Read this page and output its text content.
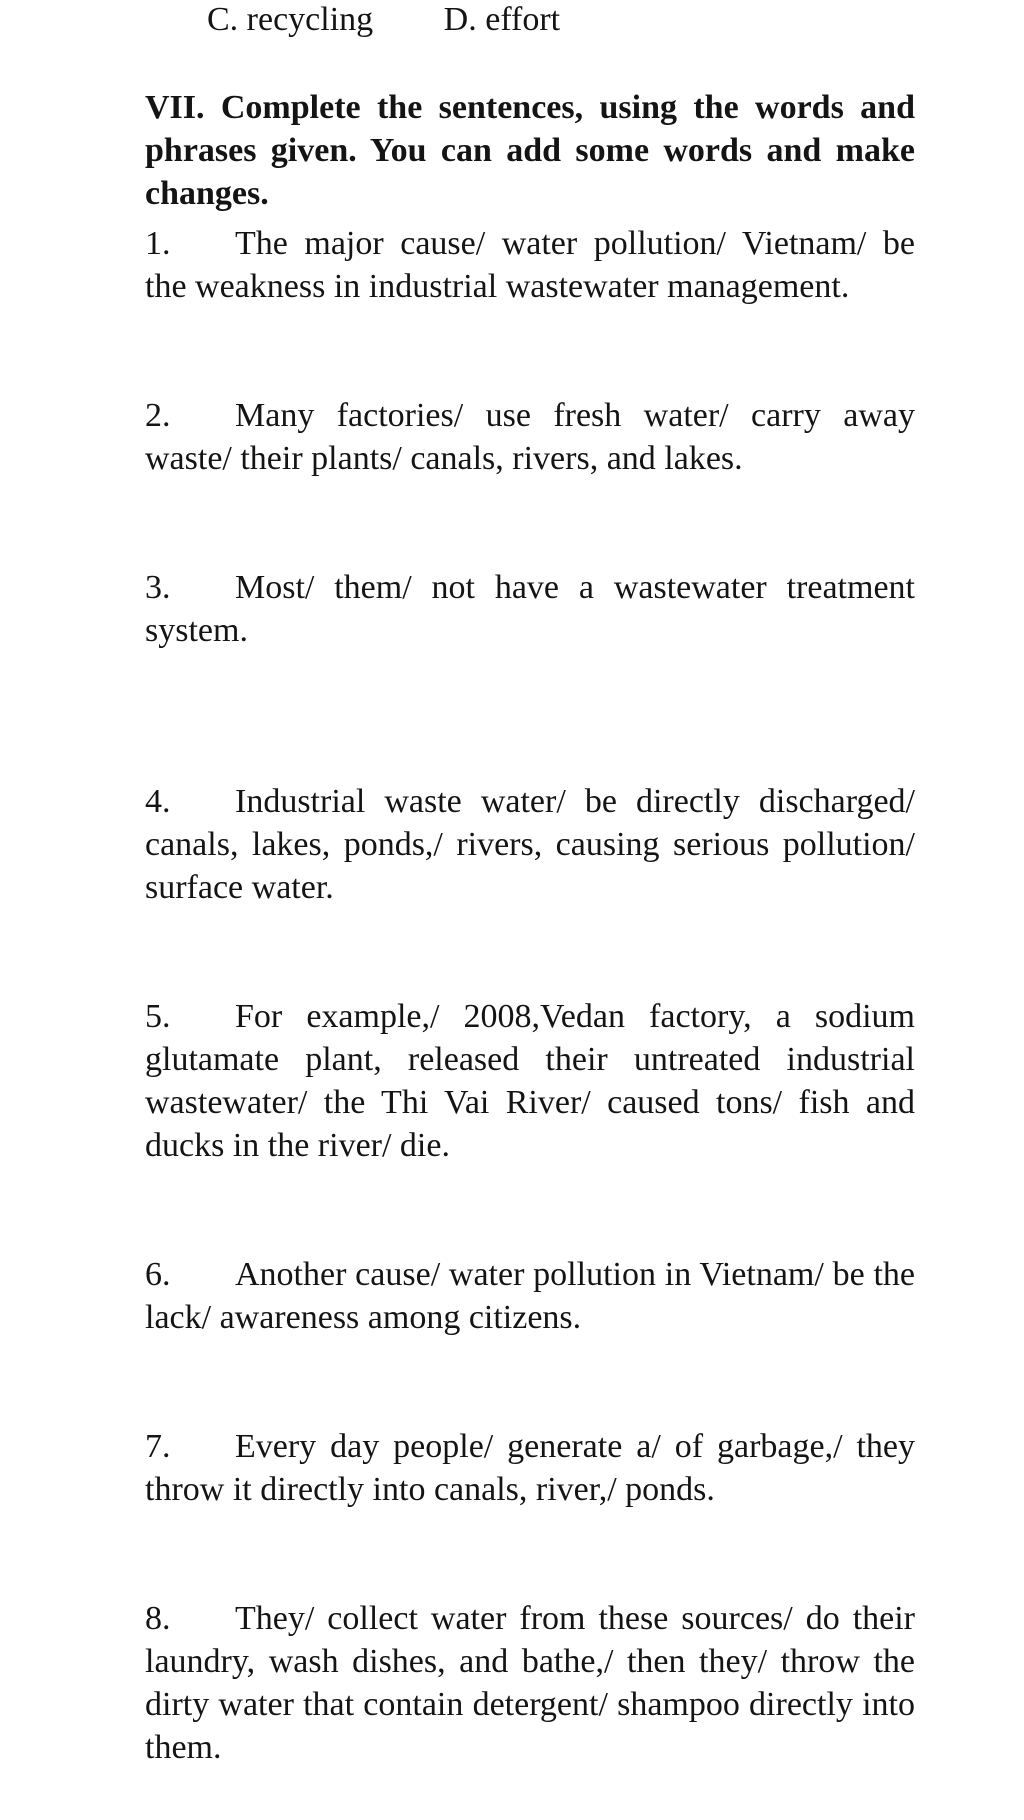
C. recycling D. effort
VII. Complete the sentences, using the words and phrases given. You can add some words and make changes.
1. The major cause/ water pollution/ Vietnam/ be the weakness in industrial wastewater management.
2. Many factories/ use fresh water/ carry away waste/ their plants/ canals, rivers, and lakes.
3. Most/ them/ not have a wastewater treatment system.
4. Industrial waste water/ be directly discharged/ canals, lakes, ponds,/ rivers, causing serious pollution/ surface water.
5. For example,/ 2008,Vedan factory, a sodium glutamate plant, released their untreated industrial wastewater/ the Thi Vai River/ caused tons/ fish and ducks in the river/ die.
6. Another cause/ water pollution in Vietnam/ be the lack/ awareness among citizens.
7. Every day people/ generate a/ of garbage,/ they throw it directly into canals, river,/ ponds.
8. They/ collect water from these sources/ do their laundry, wash dishes, and bathe,/ then they/ throw the dirty water that contain detergent/ shampoo directly into them.
